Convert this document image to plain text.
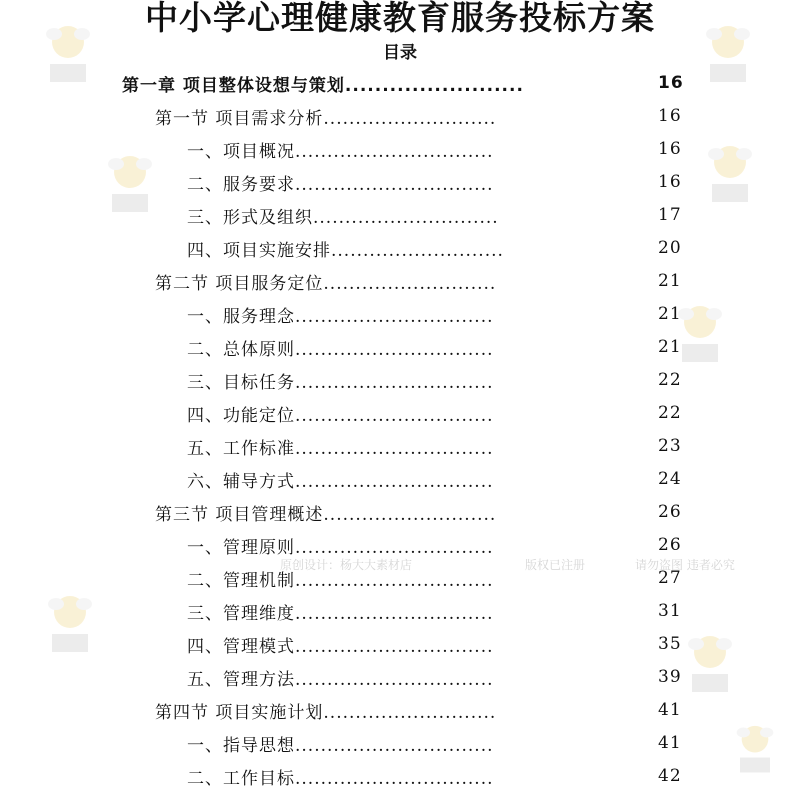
版权已注册	请勿盗图 违者必究
原创设计：杨大大素材店
中小学心理健康教育服务投标方案
目录
第一章 项目整体设想与策划........................	16
第一节 项目需求分析...........................	16
一、项目概况...............................	16
二、服务要求...............................	16
三、形式及组织.............................	17
四、项目实施安排...........................	20
第二节 项目服务定位...........................	21
一、服务理念...............................	21
二、总体原则...............................	21
三、目标任务...............................	22
四、功能定位...............................	22
五、工作标准...............................	23
六、辅导方式...............................	24
第三节 项目管理概述...........................	26
一、管理原则...............................	26
二、管理机制...............................	27
三、管理维度...............................	31
四、管理模式...............................	35
五、管理方法...............................	39
第四节 项目实施计划...........................	41
一、指导思想...............................	41
二、工作目标...............................	42
